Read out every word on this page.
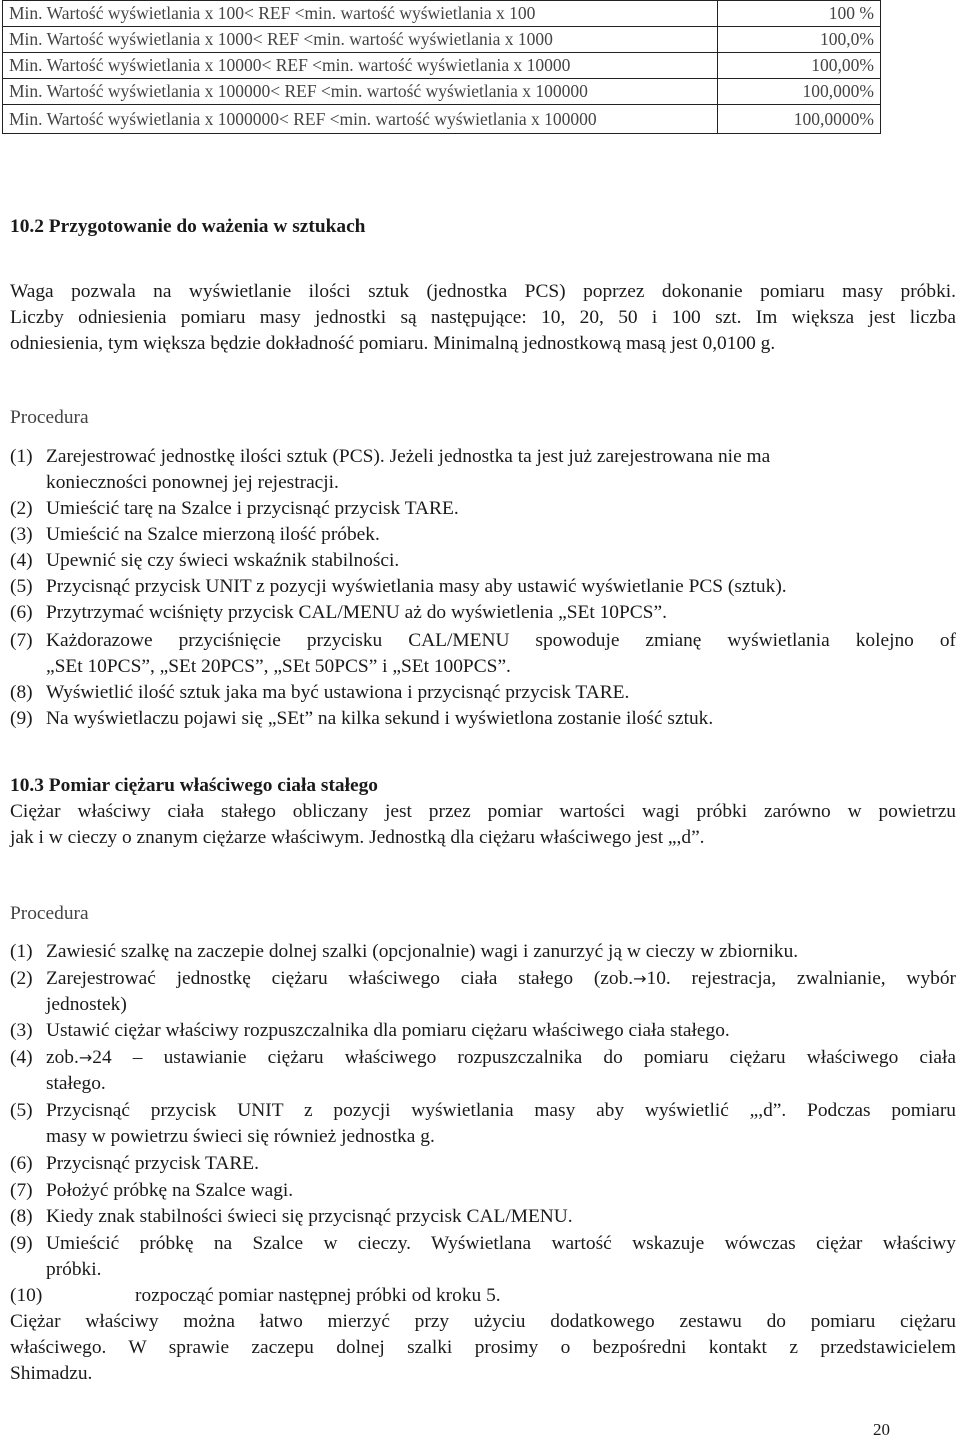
Min. Wartość wyświetlania x 100< REF <min. wartość wyświetlania x 100	100 %
Min. Wartość wyświetlania x 1000< REF <min. wartość wyświetlania x 1000	100,0%
Min. Wartość wyświetlania x 10000< REF <min. wartość wyświetlania x 10000	100,00%
Min. Wartość wyświetlania x 100000< REF <min. wartość wyświetlania x 100000	100,000%
Min. Wartość wyświetlania x 1000000< REF <min. wartość wyświetlania x 100000	100,0000%
10.2 Przygotowanie do ważenia w sztukach
Waga pozwala na wyświetlanie ilości sztuk (jednostka PCS) poprzez dokonanie pomiaru masy próbki.
Liczby odniesienia pomiaru masy jednostki są następujące: 10, 20, 50 i 100 szt. Im większa jest liczba
odniesienia, tym większa będzie dokładność pomiaru. Minimalną jednostkową masą jest 0,0100 g.
Procedura
(1) Zarejestrować jednostkę ilości sztuk (PCS). Jeżeli jednostka ta jest już zarejestrowana nie ma
konieczności ponownej jej rejestracji.
(2) Umieścić tarę na Szalce i przycisnąć przycisk TARE.
(3) Umieścić na Szalce mierzoną ilość próbek.
(4) Upewnić się czy świeci wskaźnik stabilności.
(5) Przycisnąć przycisk UNIT z pozycji wyświetlania masy aby ustawić wyświetlanie PCS (sztuk).
(6) Przytrzymać wciśnięty przycisk CAL/MENU aż do wyświetlenia „SEt 10PCS”.
(7) Każdorazowe przyciśnięcie przycisku CAL/MENU spowoduje zmianę wyświetlania kolejno of
„SEt 10PCS”, „SEt 20PCS”, „SEt 50PCS” i „SEt 100PCS”.
(8) Wyświetlić ilość sztuk jaka ma być ustawiona i przycisnąć przycisk TARE.
(9) Na wyświetlaczu pojawi się „SEt” na kilka sekund i wyświetlona zostanie ilość sztuk.
10.3 Pomiar ciężaru właściwego ciała stałego
Ciężar właściwy ciała stałego obliczany jest przez pomiar wartości wagi próbki zarówno w powietrzu
jak i w cieczy o znanym ciężarze właściwym. Jednostką dla ciężaru właściwego jest „,d”.
Procedura
(1) Zawiesić szalkę na zaczepie dolnej szalki (opcjonalnie) wagi i zanurzyć ją w cieczy w zbiorniku.
(2) Zarejestrować jednostkę ciężaru właściwego ciała stałego (zob.→10. rejestracja, zwalnianie, wybór
jednostek)
(3) Ustawić ciężar właściwy rozpuszczalnika dla pomiaru ciężaru właściwego ciała stałego.
(4) zob.→24 – ustawianie ciężaru właściwego rozpuszczalnika do pomiaru ciężaru właściwego ciała
stałego.
(5) Przycisnąć przycisk UNIT z pozycji wyświetlania masy aby wyświetlić „,d”. Podczas pomiaru
masy w powietrzu świeci się również jednostka g.
(6) Przycisnąć przycisk TARE.
(7) Położyć próbkę na Szalce wagi.
(8) Kiedy znak stabilności świeci się przycisnąć przycisk CAL/MENU.
(9) Umieścić próbkę na Szalce w cieczy. Wyświetlana wartość wskazuje wówczas ciężar właściwy
próbki.
(10)	rozpocząć pomiar następnej próbki od kroku 5.
Ciężar właściwy można łatwo mierzyć przy użyciu dodatkowego zestawu do pomiaru ciężaru
właściwego. W sprawie zaczepu dolnej szalki prosimy o bezpośredni kontakt z przedstawicielem
Shimadzu.
20
